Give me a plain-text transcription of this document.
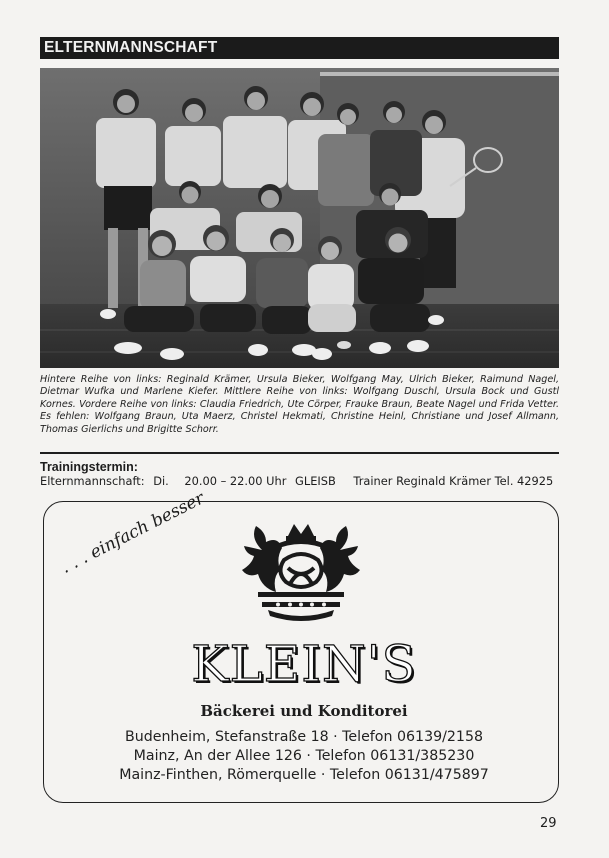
ELTERNMANNSCHAFT
Hintere Reihe von links: Reginald Krämer, Ursula Bieker, Wolfgang May, Ulrich Bieker, Raimund Nagel, Dietmar Wufka und Marlene Kiefer. Mittlere Reihe von links: Wolfgang Duschl, Ursula Bock und Gustl Kornes. Vordere Reihe von links: Claudia Friedrich, Ute Cörper, Frauke Braun, Beate Nagel und Frida Vetter. Es fehlen: Wolfgang Braun, Uta Maerz, Christel Hekmati, Christine Heinl, Christiane und Josef Allmann, Thomas Gierlichs und Brigitte Schorr.
Trainingstermin:
Elternmannschaft: Di. 20.00 – 22.00 Uhr GLEISB Trainer Reginald Krämer Tel. 42925
. . . einfach besser
KLEIN'S
Bäckerei und Konditorei
Budenheim, Stefanstraße 18 · Telefon 06139/2158
Mainz, An der Allee 126 · Telefon 06131/385230
Mainz-Finthen, Römerquelle · Telefon 06131/475897
29
